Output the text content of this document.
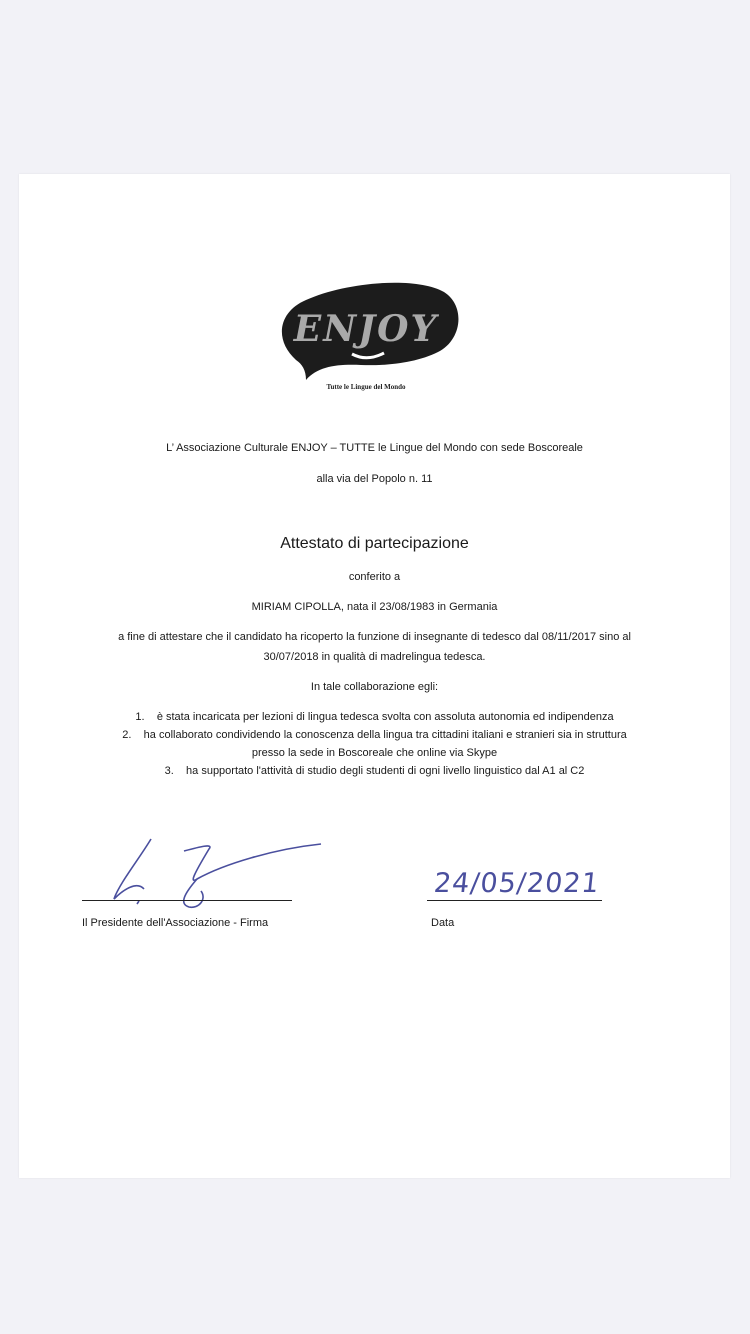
ENJOY
Tutte le Lingue del Mondo
L’ Associazione Culturale ENJOY – TUTTE le Lingue del Mondo con sede Boscoreale
alla via del Popolo n. 11
Attestato di partecipazione
conferito a
MIRIAM CIPOLLA, nata il 23/08/1983 in Germania
a fine di attestare che il candidato ha ricoperto la funzione di insegnante di tedesco dal 08/11/2017 sino al
30/07/2018 in qualità di madrelingua tedesca.
In tale collaborazione egli:
1. è stata incaricata per lezioni di lingua tedesca svolta con assoluta autonomia ed indipendenza
2. ha collaborato condividendo la conoscenza della lingua tra cittadini italiani e stranieri sia in struttura
presso la sede in Boscoreale che online via Skype
3. ha supportato l'attività di studio degli studenti di ogni livello linguistico dal A1 al C2
Il Presidente dell'Associazione - Firma
24/05/2021
Data
